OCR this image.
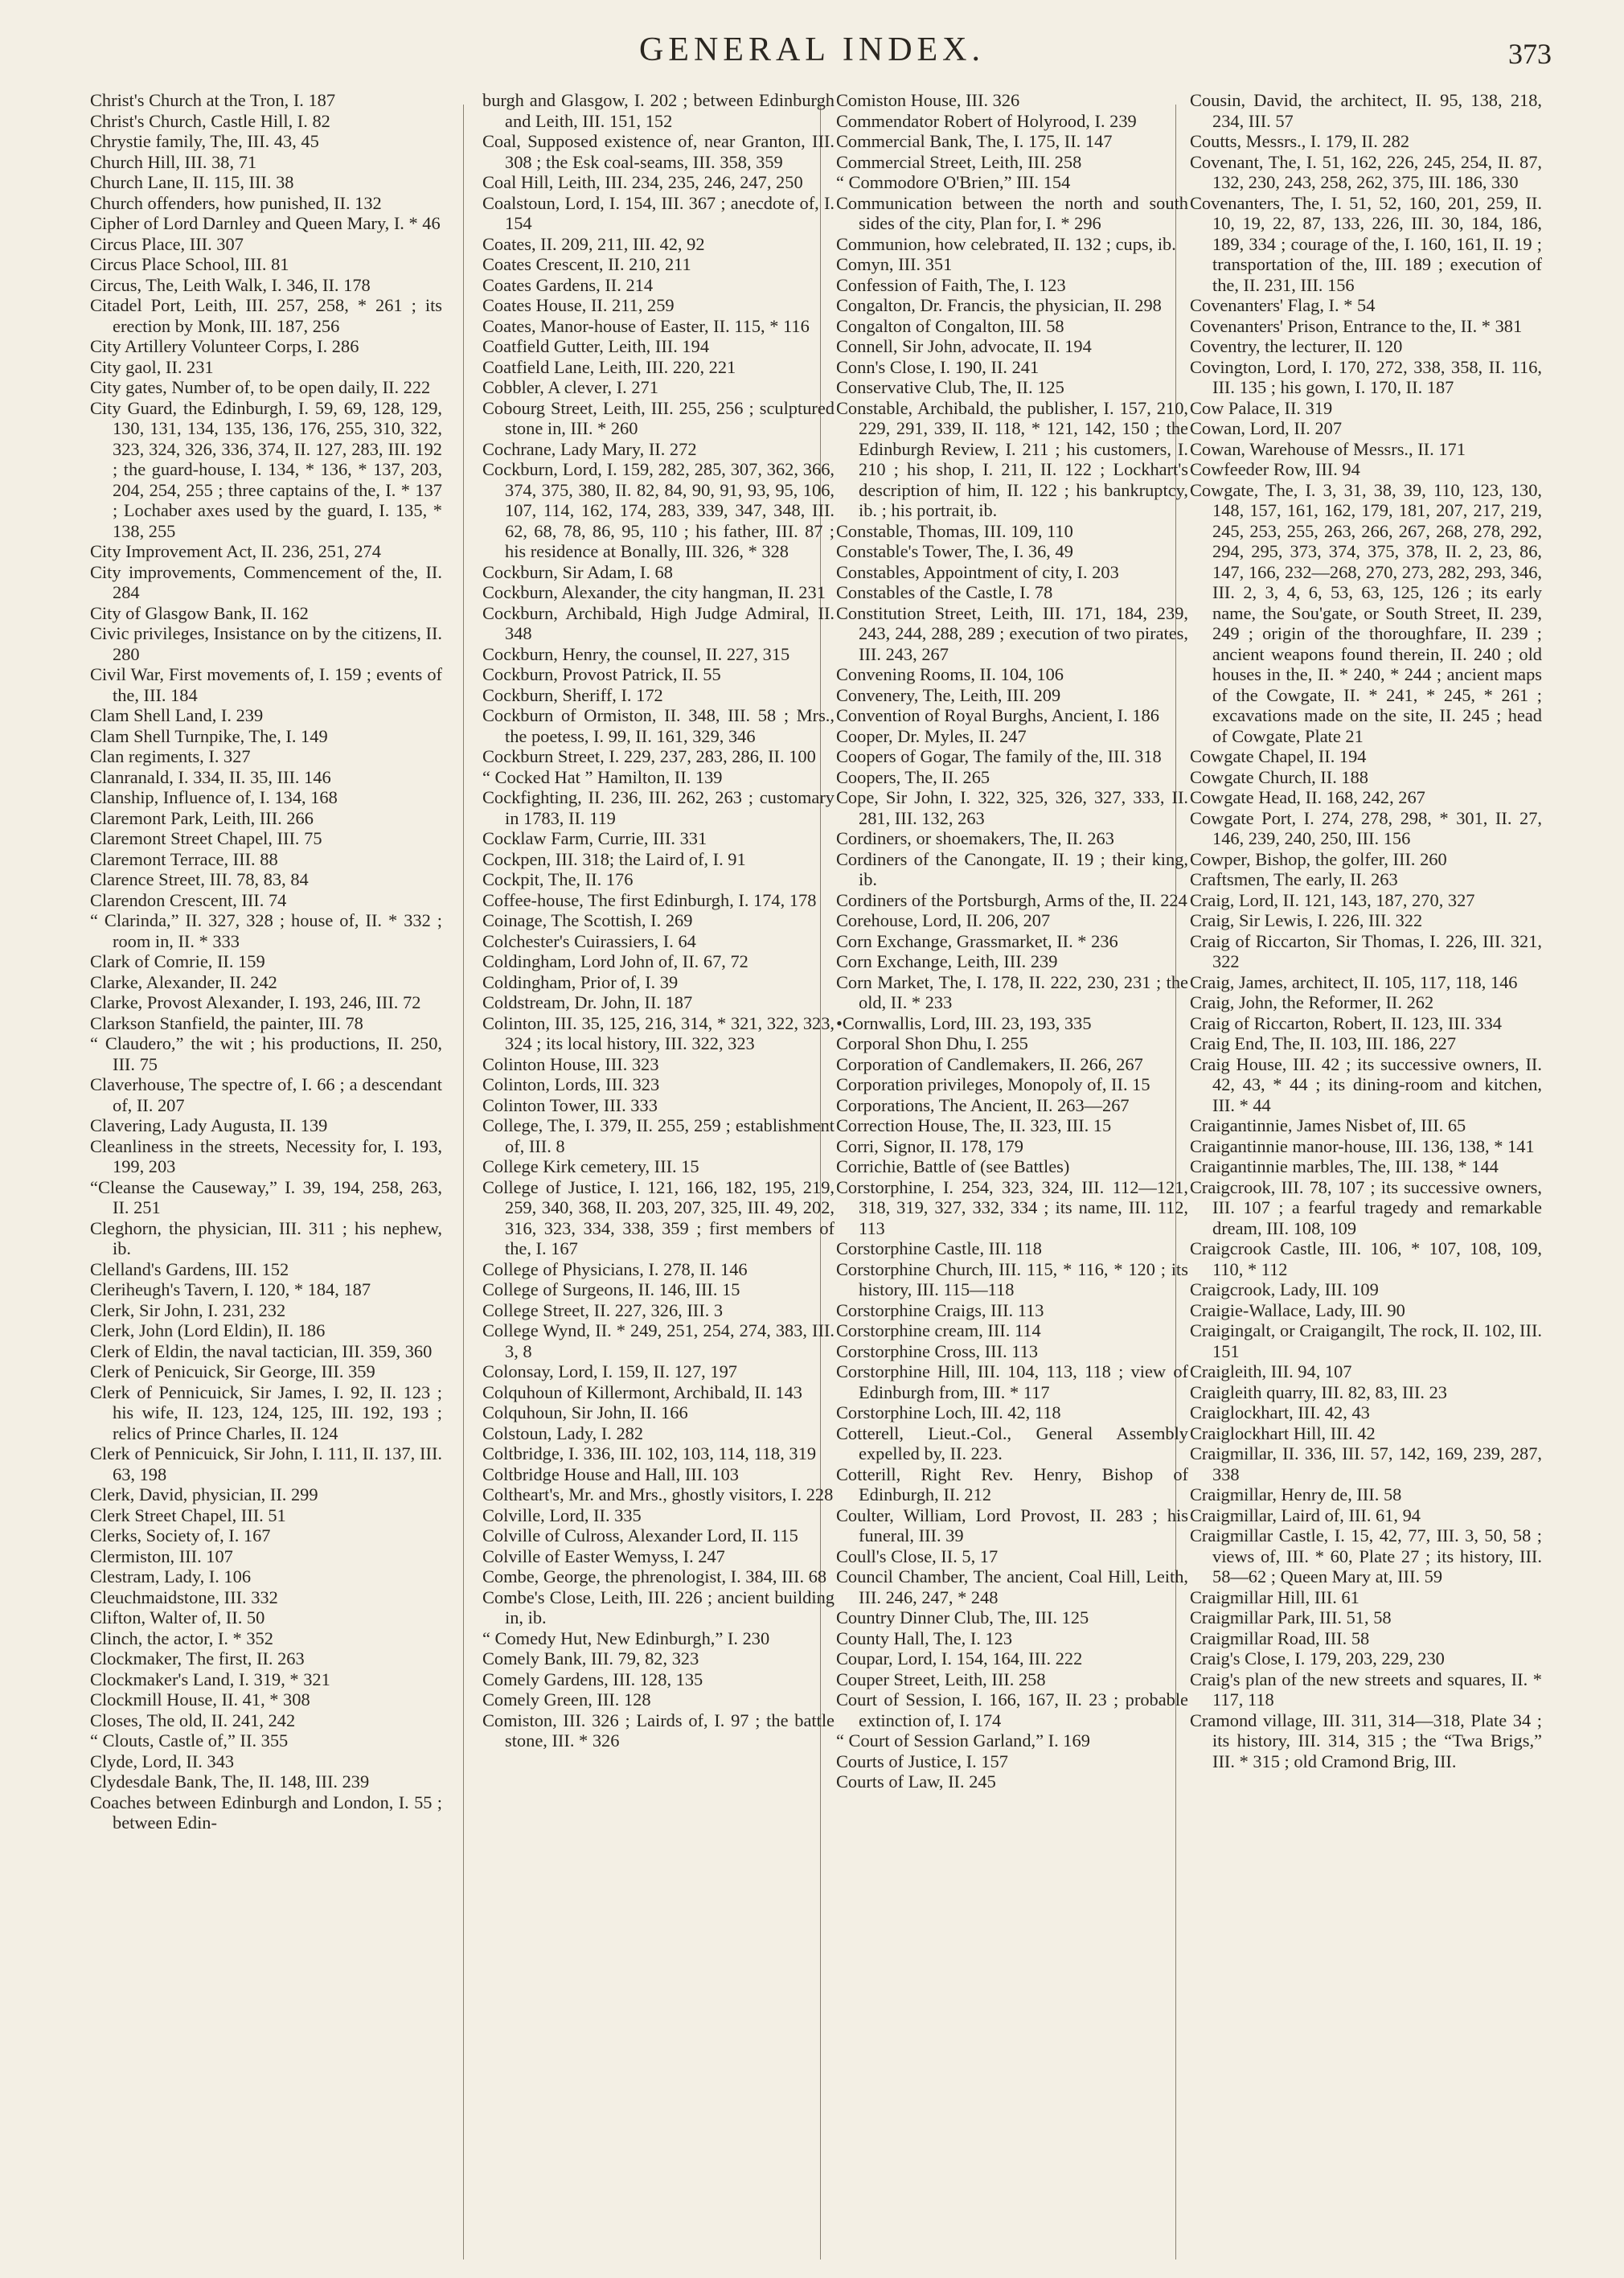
GENERAL INDEX.	373

Christ's Church at the Tron, I. 187

Christ's Church, Castle Hill, I. 82

Chrystie family, The, III. 43, 45

Church Hill, III. 38, 71

Church Lane, II. 115, III. 38

Church offenders, how punished, II. 132

Cipher of Lord Darnley and Queen Mary, I. * 46

Circus Place, III. 307

Circus Place School, III. 81

Circus, The, Leith Walk, I. 346, II. 178

Citadel Port, Leith, III. 257, 258, * 261 ; its erection by Monk, III. 187, 256

City Artillery Volunteer Corps, I. 286

City gaol, II. 231

City gates, Number of, to be open daily, II. 222

City Guard, the Edinburgh, I. 59, 69, 128, 129, 130, 131, 134, 135, 136, 176, 255, 310, 322, 323, 324, 326, 336, 374, II. 127, 283, III. 192 ; the guard-house, I. 134, * 136, * 137, 203, 204, 254, 255 ; three captains of the, I. * 137 ; Lochaber axes used by the guard, I. 135, * 138, 255

City Improvement Act, II. 236, 251, 274

City improvements, Commencement of the, II. 284

City of Glasgow Bank, II. 162

Civic privileges, Insistance on by the citizens, II. 280

Civil War, First movements of, I. 159 ; events of the, III. 184

Clam Shell Land, I. 239

Clam Shell Turnpike, The, I. 149

Clan regiments, I. 327

Clanranald, I. 334, II. 35, III. 146

Clanship, Influence of, I. 134, 168

Claremont Park, Leith, III. 266

Claremont Street Chapel, III. 75

Claremont Terrace, III. 88

Clarence Street, III. 78, 83, 84

Clarendon Crescent, III. 74

“ Clarinda,” II. 327, 328 ; house of, II. * 332 ; room in, II. * 333

Clark of Comrie, II. 159

Clarke, Alexander, II. 242

Clarke, Provost Alexander, I. 193, 246, III. 72

Clarkson Stanfield, the painter, III. 78

“ Claudero,” the wit ; his productions, II. 250, III. 75

Claverhouse, The spectre of, I. 66 ; a descendant of, II. 207

Clavering, Lady Augusta, II. 139

Cleanliness in the streets, Necessity for, I. 193, 199, 203

“Cleanse the Causeway,” I. 39, 194, 258, 263, II. 251

Cleghorn, the physician, III. 311 ; his nephew, ib.

Clelland's Gardens, III. 152

Cleriheugh's Tavern, I. 120, * 184, 187

Clerk, Sir John, I. 231, 232

Clerk, John (Lord Eldin), II. 186

Clerk of Eldin, the naval tactician, III. 359, 360

Clerk of Penicuick, Sir George, III. 359

Clerk of Pennicuick, Sir James, I. 92, II. 123 ; his wife, II. 123, 124, 125, III. 192, 193 ; relics of Prince Charles, II. 124

Clerk of Pennicuick, Sir John, I. 111, II. 137, III. 63, 198

Clerk, David, physician, II. 299

Clerk Street Chapel, III. 51

Clerks, Society of, I. 167

Clermiston, III. 107

Clestram, Lady, I. 106

Cleuchmaidstone, III. 332

Clifton, Walter of, II. 50

Clinch, the actor, I. * 352

Clockmaker, The first, II. 263

Clockmaker's Land, I. 319, * 321

Clockmill House, II. 41, * 308

Closes, The old, II. 241, 242

“ Clouts, Castle of,” II. 355

Clyde, Lord, II. 343

Clydesdale Bank, The, II. 148, III. 239

Coaches between Edinburgh and London, I. 55 ; between Edin-

burgh and Glasgow, I. 202 ; between Edinburgh and Leith, III. 151, 152

Coal, Supposed existence of, near Granton, III. 308 ; the Esk coal-seams, III. 358, 359

Coal Hill, Leith, III. 234, 235, 246, 247, 250

Coalstoun, Lord, I. 154, III. 367 ; anecdote of, I. 154

Coates, II. 209, 211, III. 42, 92

Coates Crescent, II. 210, 211

Coates Gardens, II. 214

Coates House, II. 211, 259

Coates, Manor-house of Easter, II. 115, * 116

Coatfield Gutter, Leith, III. 194

Coatfield Lane, Leith, III. 220, 221

Cobbler, A clever, I. 271

Cobourg Street, Leith, III. 255, 256 ; sculptured stone in, III. * 260

Cochrane, Lady Mary, II. 272

Cockburn, Lord, I. 159, 282, 285, 307, 362, 366, 374, 375, 380, II. 82, 84, 90, 91, 93, 95, 106, 107, 114, 162, 174, 283, 339, 347, 348, III. 62, 68, 78, 86, 95, 110 ; his father, III. 87 ; his residence at Bonally, III. 326, * 328

Cockburn, Sir Adam, I. 68

Cockburn, Alexander, the city hangman, II. 231

Cockburn, Archibald, High Judge Admiral, II. 348

Cockburn, Henry, the counsel, II. 227, 315

Cockburn, Provost Patrick, II. 55

Cockburn, Sheriff, I. 172

Cockburn of Ormiston, II. 348, III. 58 ; Mrs., the poetess, I. 99, II. 161, 329, 346

Cockburn Street, I. 229, 237, 283, 286, II. 100

“ Cocked Hat ” Hamilton, II. 139

Cockfighting, II. 236, III. 262, 263 ; customary in 1783, II. 119

Cocklaw Farm, Currie, III. 331

Cockpen, III. 318; the Laird of, I. 91

Cockpit, The, II. 176

Coffee-house, The first Edinburgh, I. 174, 178

Coinage, The Scottish, I. 269

Colchester's Cuirassiers, I. 64

Coldingham, Lord John of, II. 67, 72

Coldingham, Prior of, I. 39

Coldstream, Dr. John, II. 187

Colinton, III. 35, 125, 216, 314, * 321, 322, 323, 324 ; its local history, III. 322, 323

Colinton House, III. 323

Colinton, Lords, III. 323

Colinton Tower, III. 333

College, The, I. 379, II. 255, 259 ; establishment of, III. 8

College Kirk cemetery, III. 15

College of Justice, I. 121, 166, 182, 195, 219, 259, 340, 368, II. 203, 207, 325, III. 49, 202, 316, 323, 334, 338, 359 ; first members of the, I. 167

College of Physicians, I. 278, II. 146

College of Surgeons, II. 146, III. 15

College Street, II. 227, 326, III. 3

College Wynd, II. * 249, 251, 254, 274, 383, III. 3, 8

Colonsay, Lord, I. 159, II. 127, 197

Colquhoun of Killermont, Archibald, II. 143

Colquhoun, Sir John, II. 166

Colstoun, Lady, I. 282

Coltbridge, I. 336, III. 102, 103, 114, 118, 319

Coltbridge House and Hall, III. 103

Coltheart's, Mr. and Mrs., ghostly visitors, I. 228

Colville, Lord, II. 335

Colville of Culross, Alexander Lord, II. 115

Colville of Easter Wemyss, I. 247

Combe, George, the phrenologist, I. 384, III. 68

Combe's Close, Leith, III. 226 ; ancient building in, ib.

“ Comedy Hut, New Edinburgh,” I. 230

Comely Bank, III. 79, 82, 323

Comely Gardens, III. 128, 135

Comely Green, III. 128

Comiston, III. 326 ; Lairds of, I. 97 ; the battle stone, III. * 326

Comiston House, III. 326

Commendator Robert of Holyrood, I. 239

Commercial Bank, The, I. 175, II. 147

Commercial Street, Leith, III. 258

“ Commodore O'Brien,” III. 154

Communication between the north and south sides of the city, Plan for, I. * 296

Communion, how celebrated, II. 132 ; cups, ib.

Comyn, III. 351

Confession of Faith, The, I. 123

Congalton, Dr. Francis, the physician, II. 298

Congalton of Congalton, III. 58

Connell, Sir John, advocate, II. 194

Conn's Close, I. 190, II. 241

Conservative Club, The, II. 125

Constable, Archibald, the publisher, I. 157, 210, 229, 291, 339, II. 118, * 121, 142, 150 ; the Edinburgh Review, I. 211 ; his customers, I. 210 ; his shop, I. 211, II. 122 ; Lockhart's description of him, II. 122 ; his bankruptcy, ib. ; his portrait, ib.

Constable, Thomas, III. 109, 110

Constable's Tower, The, I. 36, 49

Constables, Appointment of city, I. 203

Constables of the Castle, I. 78

Constitution Street, Leith, III. 171, 184, 239, 243, 244, 288, 289 ; execution of two pirates, III. 243, 267

Convening Rooms, II. 104, 106

Convenery, The, Leith, III. 209

Convention of Royal Burghs, Ancient, I. 186

Cooper, Dr. Myles, II. 247

Coopers of Gogar, The family of the, III. 318

Coopers, The, II. 265

Cope, Sir John, I. 322, 325, 326, 327, 333, II. 281, III. 132, 263

Cordiners, or shoemakers, The, II. 263

Cordiners of the Canongate, II. 19 ; their king, ib.

Cordiners of the Portsburgh, Arms of the, II. 224

Corehouse, Lord, II. 206, 207

Corn Exchange, Grassmarket, II. * 236

Corn Exchange, Leith, III. 239

Corn Market, The, I. 178, II. 222, 230, 231 ; the old, II. * 233

•Cornwallis, Lord, III. 23, 193, 335

Corporal Shon Dhu, I. 255

Corporation of Candlemakers, II. 266, 267

Corporation privileges, Monopoly of, II. 15

Corporations, The Ancient, II. 263—267

Correction House, The, II. 323, III. 15

Corri, Signor, II. 178, 179

Corrichie, Battle of (see Battles)

Corstorphine, I. 254, 323, 324, III. 112—121, 318, 319, 327, 332, 334 ; its name, III. 112, 113

Corstorphine Castle, III. 118

Corstorphine Church, III. 115, * 116, * 120 ; its history, III. 115—118

Corstorphine Craigs, III. 113

Corstorphine cream, III. 114

Corstorphine Cross, III. 113

Corstorphine Hill, III. 104, 113, 118 ; view of Edinburgh from, III. * 117

Corstorphine Loch, III. 42, 118

Cotterell, Lieut.-Col., General Assembly expelled by, II. 223.

Cotterill, Right Rev. Henry, Bishop of Edinburgh, II. 212

Coulter, William, Lord Provost, II. 283 ; his funeral, III. 39

Coull's Close, II. 5, 17

Council Chamber, The ancient, Coal Hill, Leith, III. 246, 247, * 248

Country Dinner Club, The, III. 125

County Hall, The, I. 123

Coupar, Lord, I. 154, 164, III. 222

Couper Street, Leith, III. 258

Court of Session, I. 166, 167, II. 23 ; probable extinction of, I. 174

“ Court of Session Garland,” I. 169

Courts of Justice, I. 157

Courts of Law, II. 245

Cousin, David, the architect, II. 95, 138, 218, 234, III. 57

Coutts, Messrs., I. 179, II. 282

Covenant, The, I. 51, 162, 226, 245, 254, II. 87, 132, 230, 243, 258, 262, 375, III. 186, 330

Covenanters, The, I. 51, 52, 160, 201, 259, II. 10, 19, 22, 87, 133, 226, III. 30, 184, 186, 189, 334 ; courage of the, I. 160, 161, II. 19 ; transportation of the, III. 189 ; execution of the, II. 231, III. 156

Covenanters' Flag, I. * 54

Covenanters' Prison, Entrance to the, II. * 381

Coventry, the lecturer, II. 120

Covington, Lord, I. 170, 272, 338, 358, II. 116, III. 135 ; his gown, I. 170, II. 187

Cow Palace, II. 319

Cowan, Lord, II. 207

Cowan, Warehouse of Messrs., II. 171

Cowfeeder Row, III. 94

Cowgate, The, I. 3, 31, 38, 39, 110, 123, 130, 148, 157, 161, 162, 179, 181, 207, 217, 219, 245, 253, 255, 263, 266, 267, 268, 278, 292, 294, 295, 373, 374, 375, 378, II. 2, 23, 86, 147, 166, 232—268, 270, 273, 282, 293, 346, III. 2, 3, 4, 6, 53, 63, 125, 126 ; its early name, the Sou'gate, or South Street, II. 239, 249 ; origin of the thoroughfare, II. 239 ; ancient weapons found therein, II. 240 ; old houses in the, II. * 240, * 244 ; ancient maps of the Cowgate, II. * 241, * 245, * 261 ; excavations made on the site, II. 245 ; head of Cowgate, Plate 21

Cowgate Chapel, II. 194

Cowgate Church, II. 188

Cowgate Head, II. 168, 242, 267

Cowgate Port, I. 274, 278, 298, * 301, II. 27, 146, 239, 240, 250, III. 156

Cowper, Bishop, the golfer, III. 260

Craftsmen, The early, II. 263

Craig, Lord, II. 121, 143, 187, 270, 327

Craig, Sir Lewis, I. 226, III. 322

Craig of Riccarton, Sir Thomas, I. 226, III. 321, 322

Craig, James, architect, II. 105, 117, 118, 146

Craig, John, the Reformer, II. 262

Craig of Riccarton, Robert, II. 123, III. 334

Craig End, The, II. 103, III. 186, 227

Craig House, III. 42 ; its successive owners, II. 42, 43, * 44 ; its dining-room and kitchen, III. * 44

Craigantinnie, James Nisbet of, III. 65

Craigantinnie manor-house, III. 136, 138, * 141

Craigantinnie marbles, The, III. 138, * 144

Craigcrook, III. 78, 107 ; its successive owners, III. 107 ; a fearful tragedy and remarkable dream, III. 108, 109

Craigcrook Castle, III. 106, * 107, 108, 109, 110, * 112

Craigcrook, Lady, III. 109

Craigie-Wallace, Lady, III. 90

Craigingalt, or Craigangilt, The rock, II. 102, III. 151

Craigleith, III. 94, 107

Craigleith quarry, III. 82, 83, III. 23

Craiglockhart, III. 42, 43

Craiglockhart Hill, III. 42

Craigmillar, II. 336, III. 57, 142, 169, 239, 287, 338

Craigmillar, Henry de, III. 58

Craigmillar, Laird of, III. 61, 94

Craigmillar Castle, I. 15, 42, 77, III. 3, 50, 58 ; views of, III. * 60, Plate 27 ; its history, III. 58—62 ; Queen Mary at, III. 59

Craigmillar Hill, III. 61

Craigmillar Park, III. 51, 58

Craigmillar Road, III. 58

Craig's Close, I. 179, 203, 229, 230

Craig's plan of the new streets and squares, II. * 117, 118

Cramond village, III. 311, 314—318, Plate 34 ; its history, III. 314, 315 ; the “Twa Brigs,” III. * 315 ; old Cramond Brig, III.
